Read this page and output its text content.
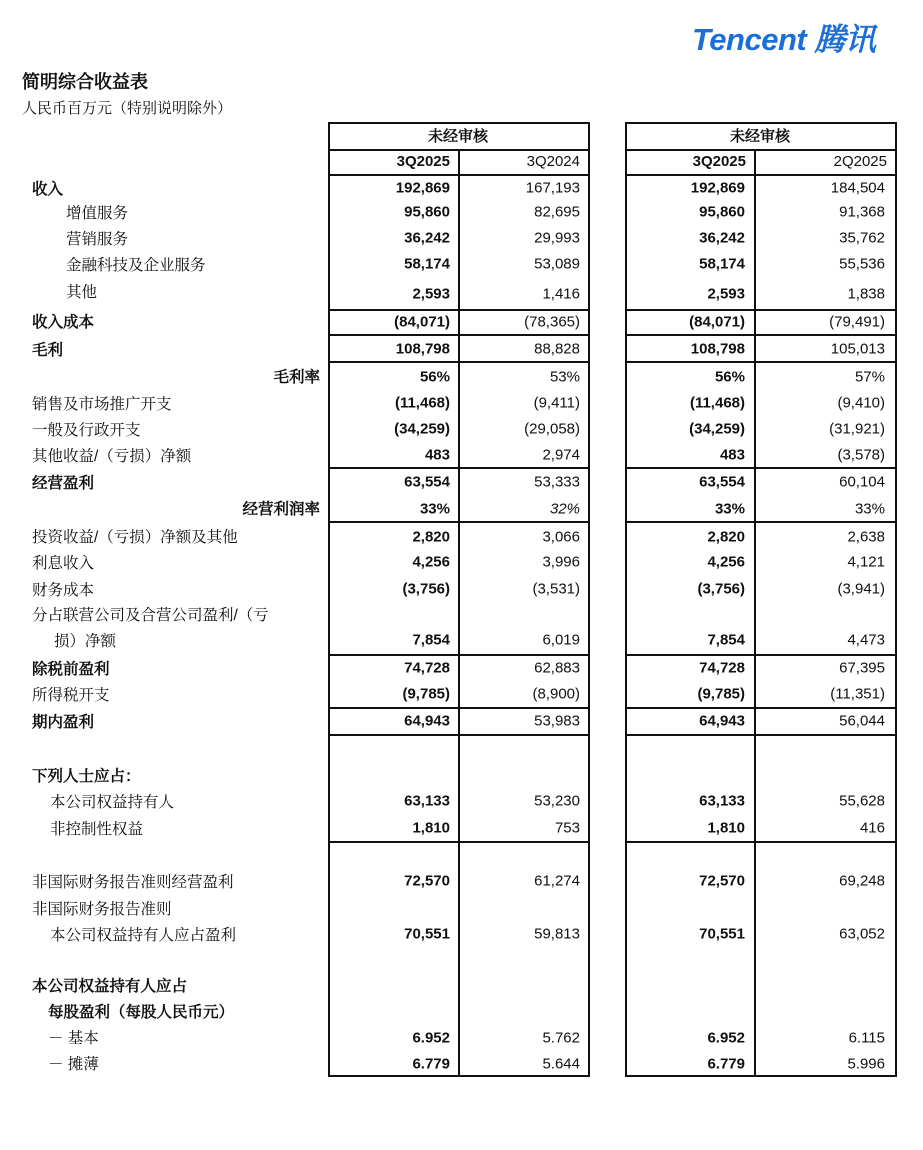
Tencent 腾讯
简明综合收益表
人民币百万元（特别说明除外）
未经审核
3Q2025	3Q2024
未经审核
3Q2025	2Q2025
收入	192,869	167,193	192,869	184,504
增值服务	95,860	82,695	95,860	91,368
营销服务	36,242	29,993	36,242	35,762
金融科技及企业服务	58,174	53,089	58,174	55,536
其他	2,593	1,416	2,593	1,838
收入成本	(84,071)	(78,365)	(84,071)	(79,491)
毛利	108,798	88,828	108,798	105,013
毛利率	56%	53%	56%	57%
销售及市场推广开支	(11,468)	(9,411)	(11,468)	(9,410)
一般及行政开支	(34,259)	(29,058)	(34,259)	(31,921)
其他收益/（亏损）净额	483	2,974	483	(3,578)
经营盈利	63,554	53,333	63,554	60,104
经营利润率	33%	32%	33%	33%
投资收益/（亏损）净额及其他	2,820	3,066	2,820	2,638
利息收入	4,256	3,996	4,256	4,121
财务成本	(3,756)	(3,531)	(3,756)	(3,941)
分占联营公司及合营公司盈利/（亏
损）净额	7,854	6,019	7,854	4,473
除税前盈利	74,728	62,883	74,728	67,395
所得税开支	(9,785)	(8,900)	(9,785)	(11,351)
期内盈利	64,943	53,983	64,943	56,044
下列人士应占：
本公司权益持有人	63,133	53,230	63,133	55,628
非控制性权益	1,810	753	1,810	416
非国际财务报告准则经营盈利	72,570	61,274	72,570	69,248
非国际财务报告准则
本公司权益持有人应占盈利	70,551	59,813	70,551	63,052
本公司权益持有人应占
每股盈利（每股人民币元）
－ 基本	6.952	5.762	6.952	6.115
－ 摊薄	6.779	5.644	6.779	5.996
